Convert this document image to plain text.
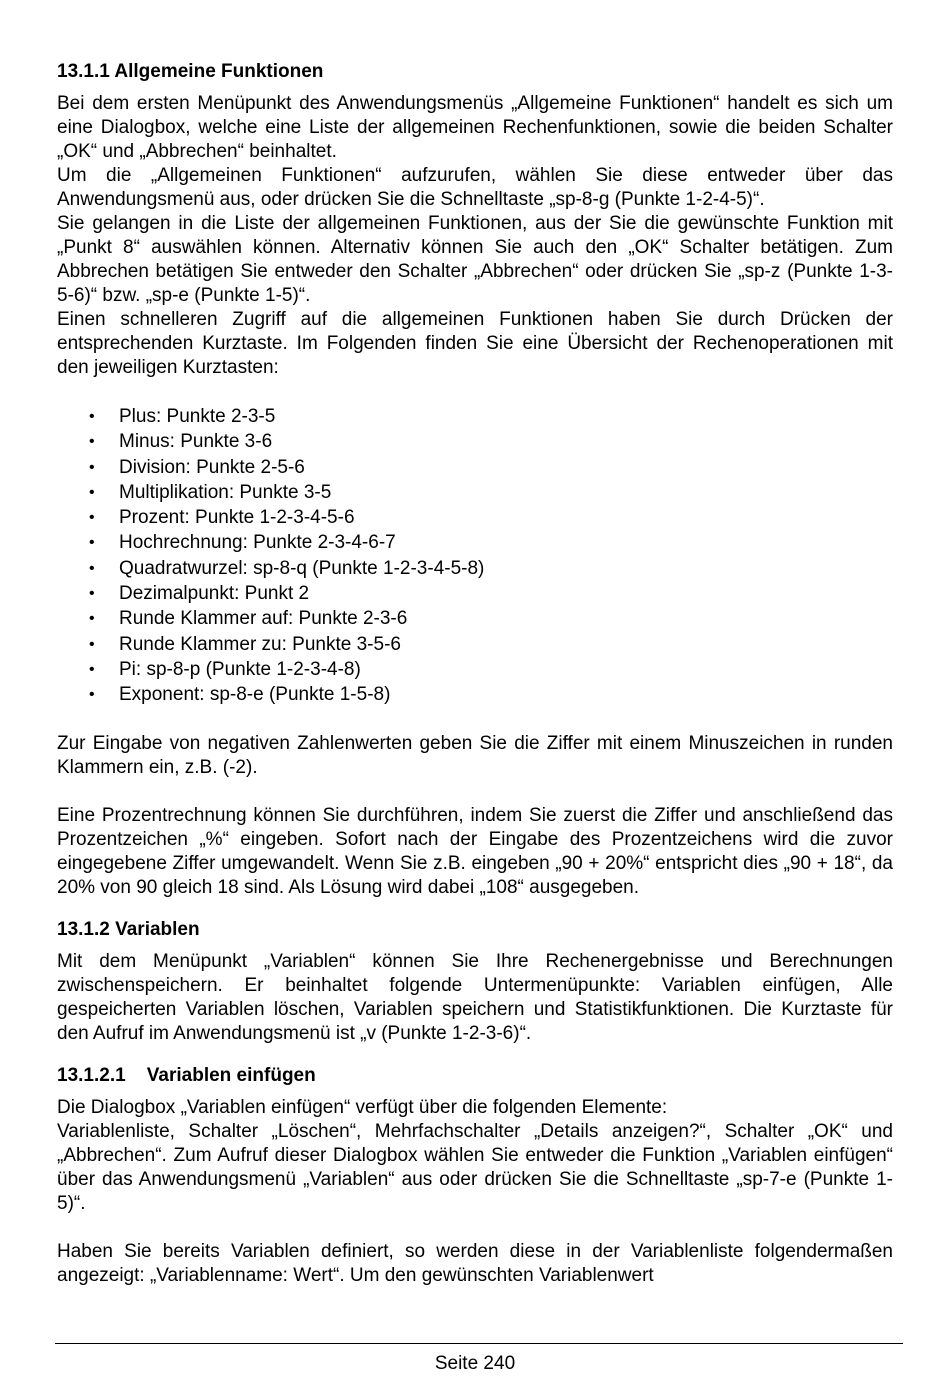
13.1.1 Allgemeine Funktionen

Bei dem ersten Menüpunkt des Anwendungsmenüs „Allgemeine Funktionen“ handelt es sich um eine Dialogbox, welche eine Liste der allgemeinen Rechenfunktionen, sowie die beiden Schalter „OK“ und „Abbrechen“ beinhaltet.

Um die „Allgemeinen Funktionen“ aufzurufen, wählen Sie diese entweder über das Anwendungsmenü aus, oder drücken Sie die Schnelltaste „sp-8-g (Punkte 1-2-4-5)“.

Sie gelangen in die Liste der allgemeinen Funktionen, aus der Sie die gewünschte Funktion mit „Punkt 8“ auswählen können. Alternativ können Sie auch den „OK“ Schalter betätigen. Zum Abbrechen betätigen Sie entweder den Schalter „Abbrechen“ oder drücken Sie „sp-z (Punkte 1-3-5-6)“ bzw. „sp-e (Punkte 1-5)“.

Einen schnelleren Zugriff auf die allgemeinen Funktionen haben Sie durch Drücken der entsprechenden Kurztaste. Im Folgenden finden Sie eine Übersicht der Rechenoperationen mit den jeweiligen Kurztasten:

• Plus: Punkte 2-3-5
• Minus: Punkte 3-6
• Division: Punkte 2-5-6
• Multiplikation: Punkte 3-5
• Prozent: Punkte 1-2-3-4-5-6
• Hochrechnung: Punkte 2-3-4-6-7
• Quadratwurzel: sp-8-q (Punkte 1-2-3-4-5-8)
• Dezimalpunkt: Punkt 2
• Runde Klammer auf: Punkte 2-3-6
• Runde Klammer zu: Punkte 3-5-6
• Pi: sp-8-p (Punkte 1-2-3-4-8)
• Exponent: sp-8-e (Punkte 1-5-8)

Zur Eingabe von negativen Zahlenwerten geben Sie die Ziffer mit einem Minuszeichen in runden Klammern ein, z.B. (-2).

Eine Prozentrechnung können Sie durchführen, indem Sie zuerst die Ziffer und anschließend das Prozentzeichen „%“ eingeben. Sofort nach der Eingabe des Prozentzeichens wird die zuvor eingegebene Ziffer umgewandelt. Wenn Sie z.B. eingeben „90 + 20%“ entspricht dies „90 + 18“, da 20% von 90 gleich 18 sind. Als Lösung wird dabei „108“ ausgegeben.

13.1.2 Variablen

Mit dem Menüpunkt „Variablen“ können Sie Ihre Rechenergebnisse und Berechnungen zwischenspeichern. Er beinhaltet folgende Untermenüpunkte: Variablen einfügen, Alle gespeicherten Variablen löschen, Variablen speichern und Statistikfunktionen. Die Kurztaste für den Aufruf im Anwendungsmenü ist „v (Punkte 1-2-3-6)“.

13.1.2.1    Variablen einfügen

Die Dialogbox „Variablen einfügen“ verfügt über die folgenden Elemente:

Variablenliste, Schalter „Löschen“, Mehrfachschalter „Details anzeigen?“, Schalter „OK“ und „Abbrechen“. Zum Aufruf dieser Dialogbox wählen Sie entweder die Funktion „Variablen einfügen“ über das Anwendungsmenü „Variablen“ aus oder drücken Sie die Schnelltaste „sp-7-e (Punkte 1-5)“.

Haben Sie bereits Variablen definiert, so werden diese in der Variablenliste folgendermaßen angezeigt: „Variablenname: Wert“. Um den gewünschten Variablenwert

Seite 240
